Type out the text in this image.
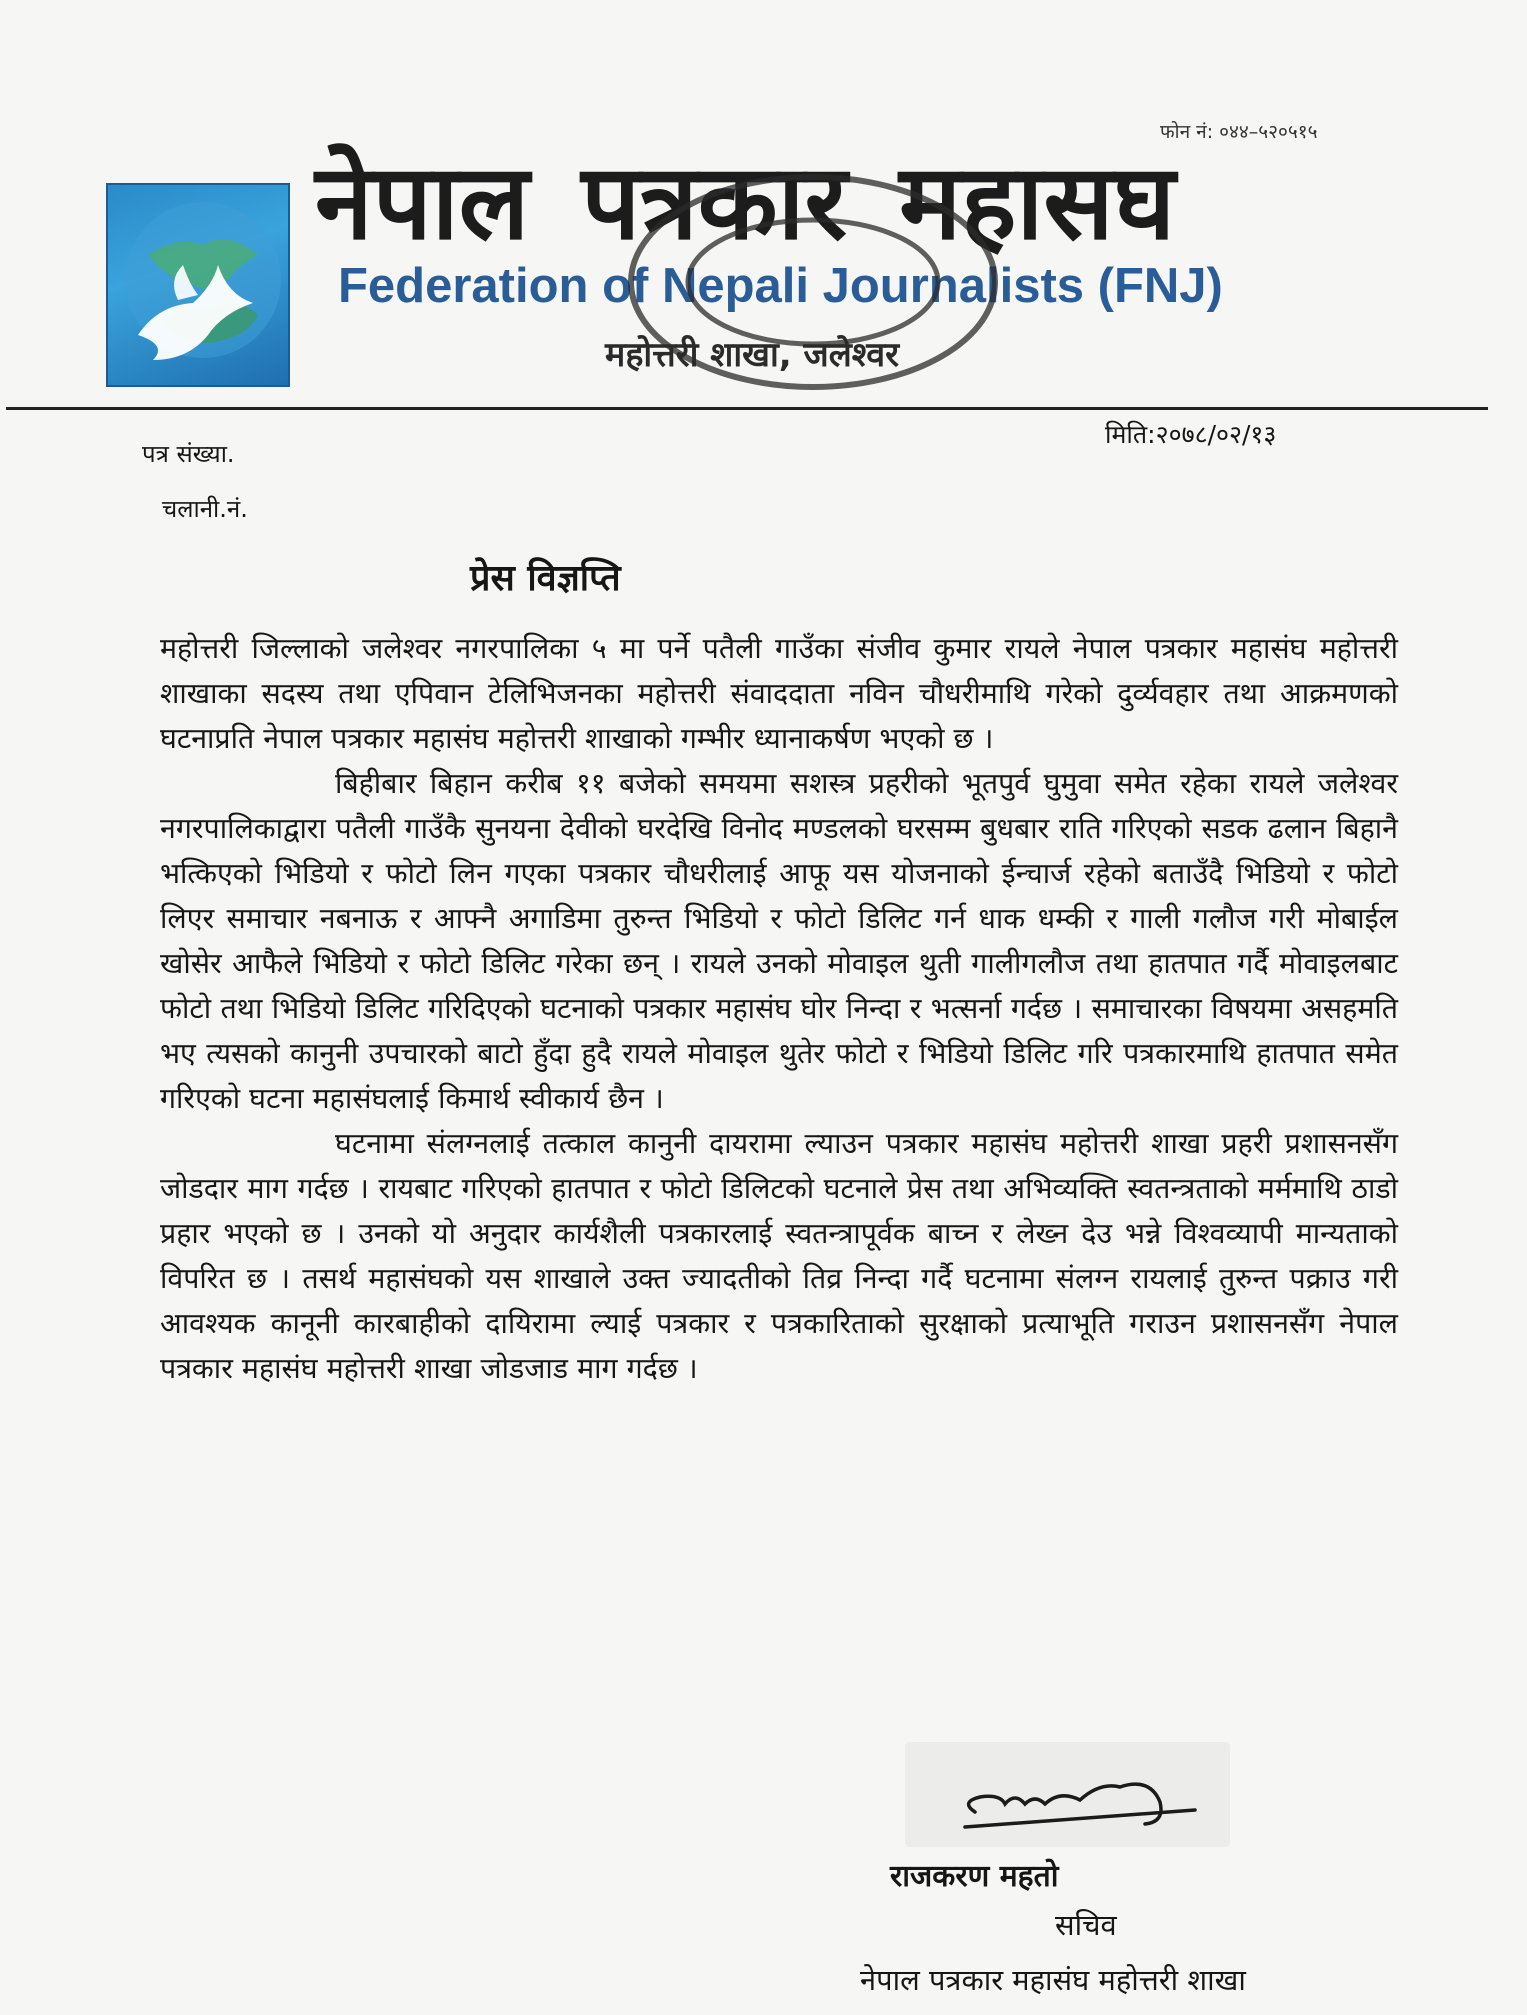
फोन नं: ०४४–५२०५१५
नेपाल पत्रकार महासघ
Federation of Nepali Journalists (FNJ)
महोत्तरी शाखा, जलेश्वर
मिति:२०७८/०२/१३
पत्र संख्या.
चलानी.नं.
प्रेस विज्ञप्ति

महोत्तरी जिल्लाको जलेश्वर नगरपालिका ५ मा पर्ने पतैली गाउँका संजीव कुमार रायले नेपाल पत्रकार महासंघ महोत्तरी शाखाका सदस्य तथा एपिवान टेलिभिजनका महोत्तरी संवाददाता नविन चौधरीमाथि गरेको दुर्व्यवहार तथा आक्रमणको घटनाप्रति नेपाल पत्रकार महासंघ महोत्तरी शाखाको गम्भीर ध्यानाकर्षण भएको छ ।

बिहीबार बिहान करीब ११ बजेको समयमा सशस्त्र प्रहरीको भूतपुर्व घुमुवा समेत रहेका रायले जलेश्वर नगरपालिकाद्वारा पतैली गाउँकै सुनयना देवीको घरदेखि विनोद मण्डलको घरसम्म बुधबार राति गरिएको सडक ढलान बिहानै भत्किएको भिडियो र फोटो लिन गएका पत्रकार चौधरीलाई आफू यस योजनाको ईन्चार्ज रहेको बताउँदै भिडियो र फोटो लिएर समाचार नबनाऊ र आफ्नै अगाडिमा तुरुन्त भिडियो र फोटो डिलिट गर्न धाक धम्की र गाली गलौज गरी मोबाईल खोसेर आफैले भिडियो र फोटो डिलिट गरेका छन् । रायले उनको मोवाइल थुती गालीगलौज तथा हातपात गर्दै मोवाइलबाट फोटो तथा भिडियो डिलिट गरिदिएको घटनाको पत्रकार महासंघ घोर निन्दा र भत्सर्ना गर्दछ । समाचारका विषयमा असहमति भए त्यसको कानुनी उपचारको बाटो हुँदा हुदै रायले मोवाइल थुतेर फोटो र भिडियो डिलिट गरि पत्रकारमाथि हातपात समेत गरिएको घटना महासंघलाई किमार्थ स्वीकार्य छैन ।

घटनामा संलग्नलाई तत्काल कानुनी दायरामा ल्याउन पत्रकार महासंघ महोत्तरी शाखा प्रहरी प्रशासनसँग जोडदार माग गर्दछ । रायबाट गरिएको हातपात र फोटो डिलिटको घटनाले प्रेस तथा अभिव्यक्ति स्वतन्त्रताको मर्ममाथि ठाडो प्रहार भएको छ । उनको यो अनुदार कार्यशैली पत्रकारलाई स्वतन्त्रापूर्वक बाच्न र लेख्न देउ भन्ने विश्वव्यापी मान्यताको विपरित छ । तसर्थ महासंघको यस शाखाले उक्त ज्यादतीको तिव्र निन्दा गर्दै घटनामा संलग्न रायलाई तुरुन्त पक्राउ गरी आवश्यक कानूनी कारबाहीको दायिरामा ल्याई पत्रकार र पत्रकारिताको सुरक्षाको प्रत्याभूति गराउन प्रशासनसँग नेपाल पत्रकार महासंघ महोत्तरी शाखा जोडजाड माग गर्दछ ।

राजकरण महतो
सचिव
नेपाल पत्रकार महासंघ महोत्तरी शाखा
